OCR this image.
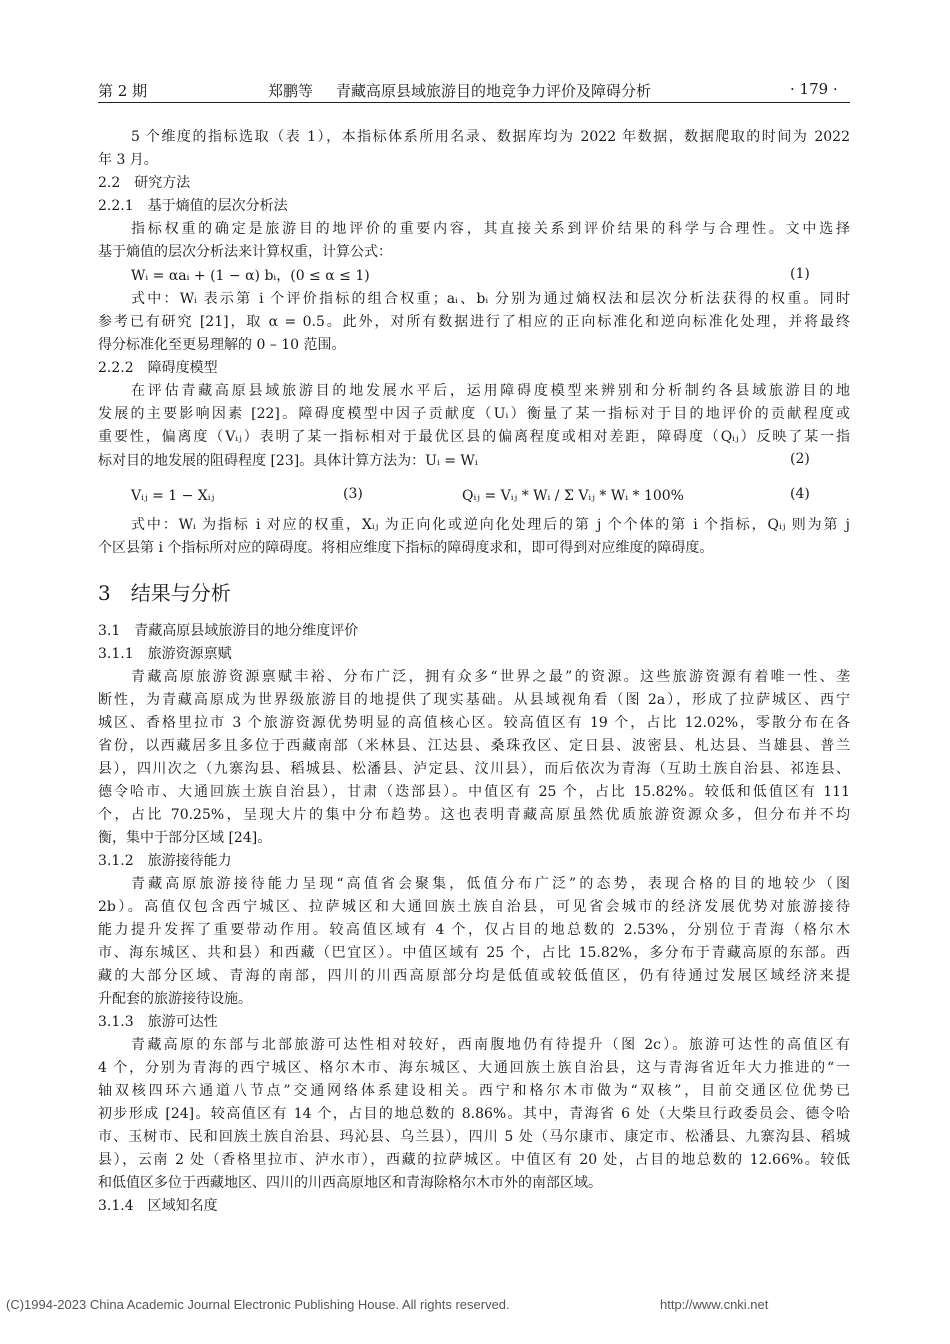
第 2 期	郑鹏等 青藏高原县域旅游目的地竞争力评价及障碍分析	· 179 ·
5 个维度的指标选取（表 1），本指标体系所用名录、数据库均为 2022 年数据，数据爬取的时间为 2022
年 3 月。
2.2　研究方法
2.2.1　基于熵值的层次分析法
指标权重的确定是旅游目的地评价的重要内容，其直接关系到评价结果的科学与合理性。文中选择
基于熵值的层次分析法来计算权重，计算公式：
Wᵢ = αaᵢ + (1 − α) bᵢ，(0 ≤ α ≤ 1)	(1)
式中：Wᵢ 表示第 i 个评价指标的组合权重；aᵢ、bᵢ 分别为通过熵权法和层次分析法获得的权重。同时
参考已有研究 [21]，取 α = 0.5。此外，对所有数据进行了相应的正向标准化和逆向标准化处理，并将最终
得分标准化至更易理解的 0 – 10 范围。
2.2.2　障碍度模型
在评估青藏高原县域旅游目的地发展水平后，运用障碍度模型来辨别和分析制约各县域旅游目的地
发展的主要影响因素 [22]。障碍度模型中因子贡献度（Uᵢ）衡量了某一指标对于目的地评价的贡献程度或
重要性，偏离度（Vᵢⱼ）表明了某一指标相对于最优区县的偏离程度或相对差距，障碍度（Qᵢⱼ）反映了某一指
标对目的地发展的阻碍程度 [23]。具体计算方法为：Uᵢ = Wᵢ	(2)
Vᵢⱼ = 1 − Xᵢⱼ	(3)	Qᵢⱼ = Vᵢⱼ * Wᵢ / Σ Vᵢⱼ * Wᵢ * 100%	(4)
式中：Wᵢ 为指标 i 对应的权重，Xᵢⱼ 为正向化或逆向化处理后的第 j 个个体的第 i 个指标，Qᵢⱼ 则为第 j
个区县第 i 个指标所对应的障碍度。将相应维度下指标的障碍度求和，即可得到对应维度的障碍度。
3　结果与分析
3.1　青藏高原县域旅游目的地分维度评价
3.1.1　旅游资源禀赋
青藏高原旅游资源禀赋丰裕、分布广泛，拥有众多“世界之最”的资源。这些旅游资源有着唯一性、垄
断性，为青藏高原成为世界级旅游目的地提供了现实基础。从县域视角看（图 2a），形成了拉萨城区、西宁
城区、香格里拉市 3 个旅游资源优势明显的高值核心区。较高值区有 19 个，占比 12.02%，零散分布在各
省份，以西藏居多且多位于西藏南部（米林县、江达县、桑珠孜区、定日县、波密县、札达县、当雄县、普兰
县），四川次之（九寨沟县、稻城县、松潘县、泸定县、汶川县），而后依次为青海（互助土族自治县、祁连县、
德令哈市、大通回族土族自治县），甘肃（迭部县）。中值区有 25 个，占比 15.82%。较低和低值区有 111
个，占比 70.25%，呈现大片的集中分布趋势。这也表明青藏高原虽然优质旅游资源众多，但分布并不均
衡，集中于部分区域 [24]。
3.1.2　旅游接待能力
青藏高原旅游接待能力呈现“高值省会聚集，低值分布广泛”的态势，表现合格的目的地较少（图
2b）。高值仅包含西宁城区、拉萨城区和大通回族土族自治县，可见省会城市的经济发展优势对旅游接待
能力提升发挥了重要带动作用。较高值区域有 4 个，仅占目的地总数的 2.53%，分别位于青海（格尔木
市、海东城区、共和县）和西藏（巴宜区）。中值区域有 25 个，占比 15.82%，多分布于青藏高原的东部。西
藏的大部分区域、青海的南部，四川的川西高原部分均是低值或较低值区，仍有待通过发展区域经济来提
升配套的旅游接待设施。
3.1.3　旅游可达性
青藏高原的东部与北部旅游可达性相对较好，西南腹地仍有待提升（图 2c）。旅游可达性的高值区有
4 个，分别为青海的西宁城区、格尔木市、海东城区、大通回族土族自治县，这与青海省近年大力推进的“一
轴双核四环六通道八节点”交通网络体系建设相关。西宁和格尔木市做为“双核”，目前交通区位优势已
初步形成 [24]。较高值区有 14 个，占目的地总数的 8.86%。其中，青海省 6 处（大柴旦行政委员会、德令哈
市、玉树市、民和回族土族自治县、玛沁县、乌兰县），四川 5 处（马尔康市、康定市、松潘县、九寨沟县、稻城
县），云南 2 处（香格里拉市、泸水市），西藏的拉萨城区。中值区有 20 处，占目的地总数的 12.66%。较低
和低值区多位于西藏地区、四川的川西高原地区和青海除格尔木市外的南部区域。
3.1.4　区域知名度
(C)1994-2023 China Academic Journal Electronic Publishing House. All rights reserved.	http://www.cnki.net
